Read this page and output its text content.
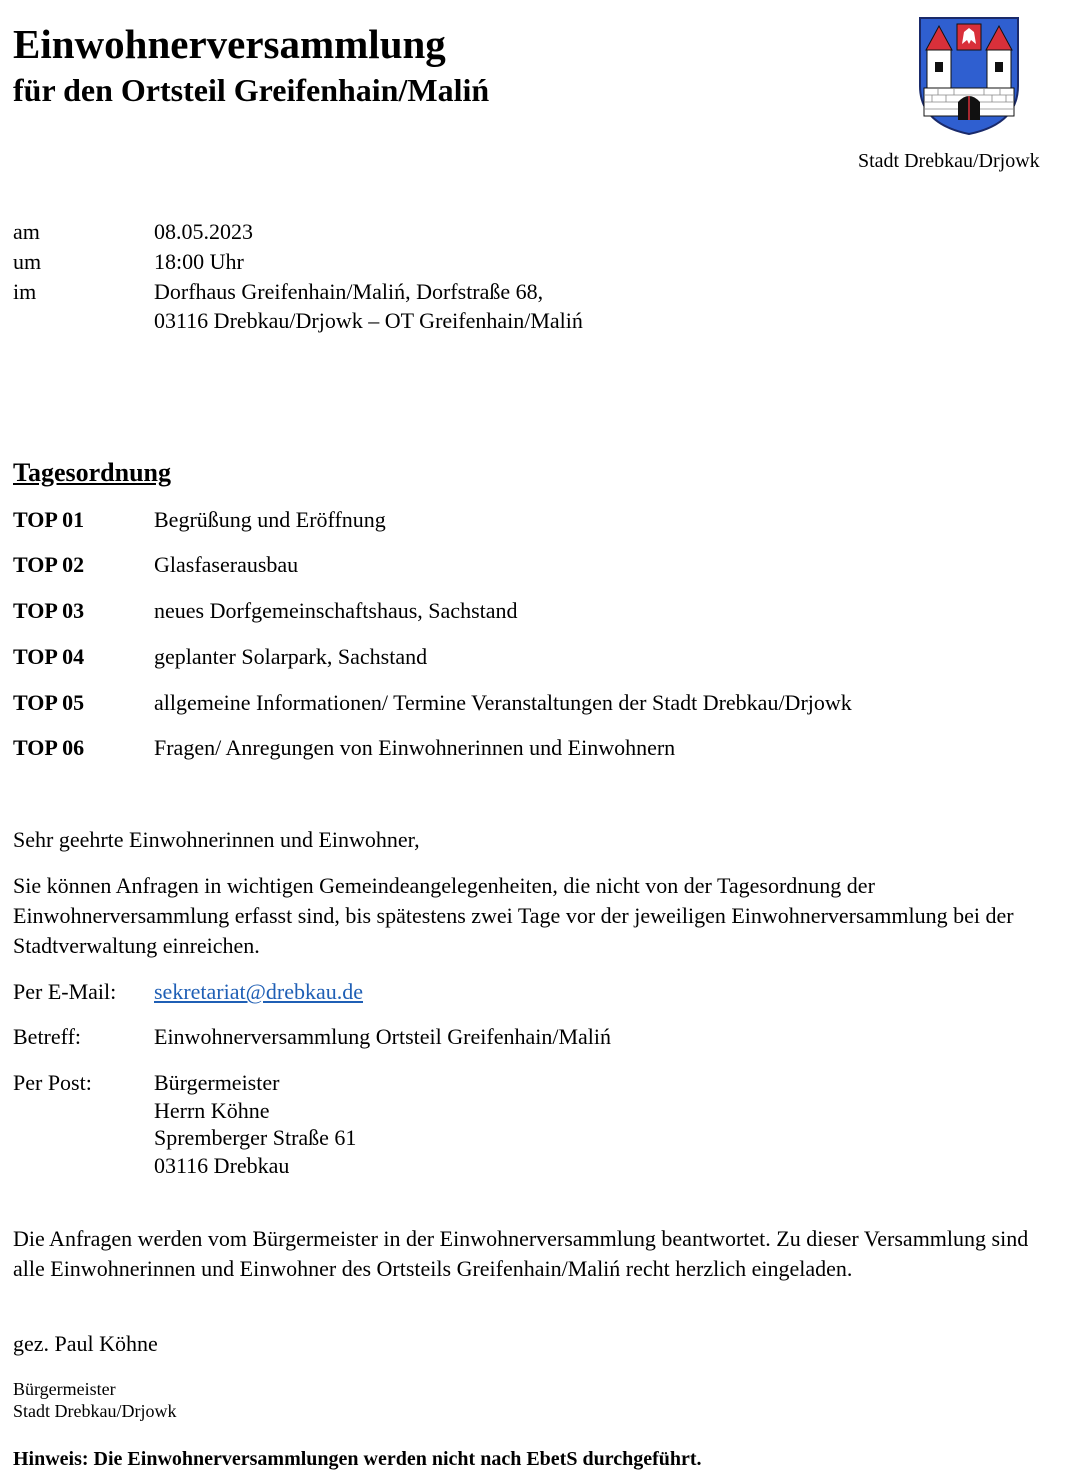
Einwohnerversammlung
für den Ortsteil Greifenhain/Maliń
Stadt Drebkau/Drjowk
am	08.05.2023
um	18:00 Uhr
im	Dorfhaus Greifenhain/Maliń, Dorfstraße 68,
03116 Drebkau/Drjowk – OT Greifenhain/Maliń
Tagesordnung
TOP 01	Begrüßung und Eröffnung
TOP 02	Glasfaserausbau
TOP 03	neues Dorfgemeinschaftshaus, Sachstand
TOP 04	geplanter Solarpark, Sachstand
TOP 05	allgemeine Informationen/ Termine Veranstaltungen der Stadt Drebkau/Drjowk
TOP 06	Fragen/ Anregungen von Einwohnerinnen und Einwohnern
Sehr geehrte Einwohnerinnen und Einwohner,
Sie können Anfragen in wichtigen Gemeindeangelegenheiten, die nicht von der Tagesordnung der Einwohnerversammlung erfasst sind, bis spätestens zwei Tage vor der jeweiligen Einwohnerversammlung bei der Stadtverwaltung einreichen.
Per E-Mail: sekretariat@drebkau.de
Betreff:	Einwohnerversammlung Ortsteil Greifenhain/Maliń
Per Post:	Bürgermeister
Herrn Köhne
Spremberger Straße 61
03116 Drebkau
Die Anfragen werden vom Bürgermeister in der Einwohnerversammlung beantwortet. Zu dieser Versammlung sind alle Einwohnerinnen und Einwohner des Ortsteils Greifenhain/Maliń recht herzlich eingeladen.
gez. Paul Köhne
Bürgermeister
Stadt Drebkau/Drjowk
Hinweis: Die Einwohnerversammlungen werden nicht nach EbetS durchgeführt.
